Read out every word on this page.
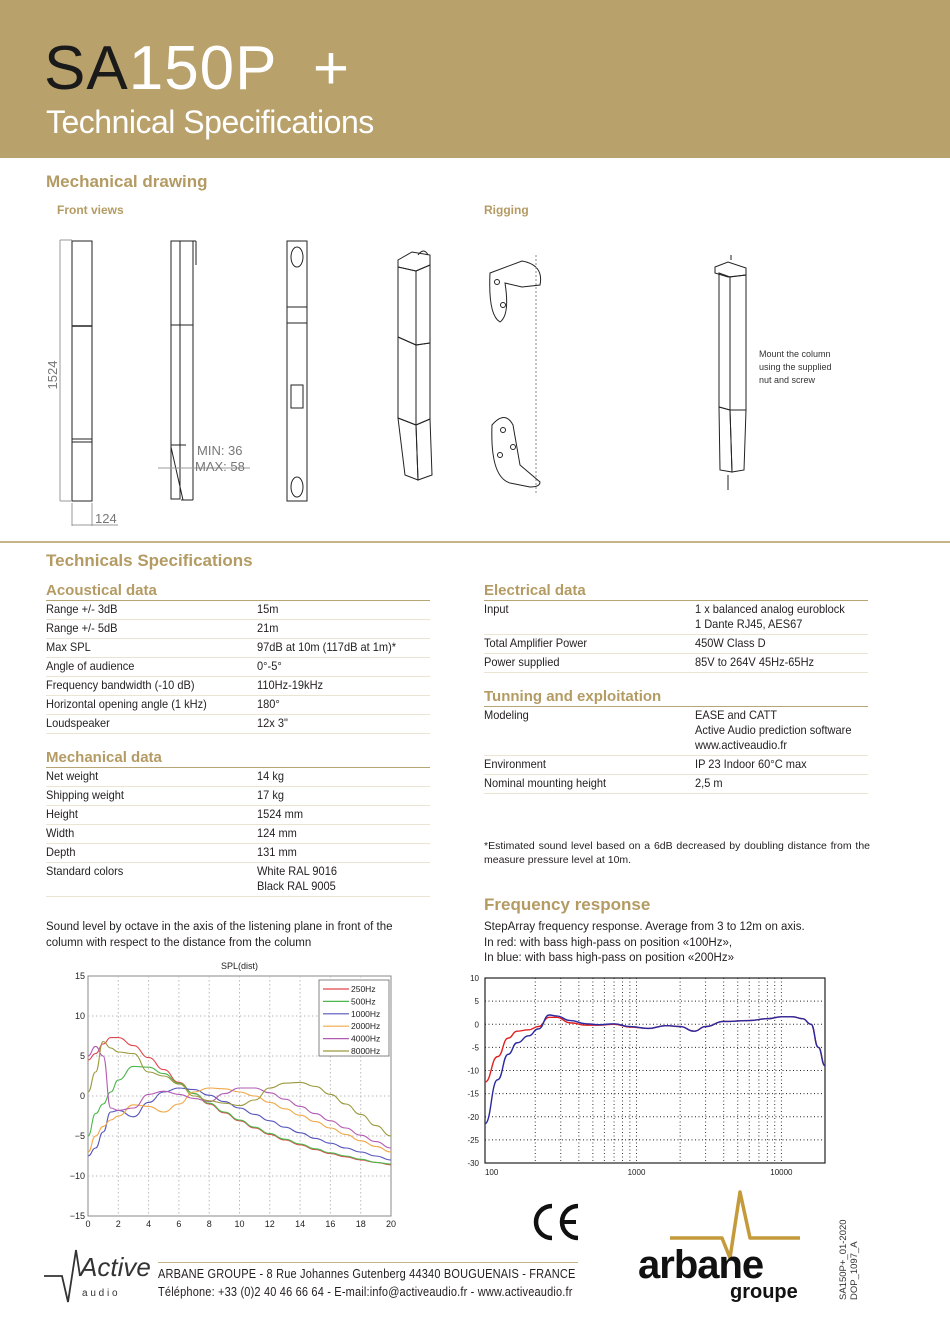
SA150P  +
Technical Specifications
Mechanical drawing
Front views	Rigging
1524
124
MIN: 36
MAX: 58
Mount the column
using the supplied
nut and screw
Technicals Specifications
Acoustical data

Range +/- 3dB	15m

Range +/- 5dB	21m

Max SPL	97dB at 10m (117dB at 1m)*

Angle of audience	0°-5°

Frequency bandwidth (-10 dB)	110Hz-19kHz

Horizontal opening angle (1 kHz)	180°

Loudspeaker	12x 3"
Mechanical data

Net weight	14 kg

Shipping weight	17 kg

Height	1524 mm

Width	124 mm

Depth	131 mm

Standard colors	White RAL 9016
Black RAL 9005
Electrical data

Input	1 x balanced analog euroblock
1 Dante RJ45, AES67

Total Amplifier Power	450W Class D

Power supplied	85V to 264V 45Hz-65Hz
Tunning and exploitation

Modeling	EASE and CATT
Active Audio prediction software
www.activeaudio.fr

Environment	IP 23 Indoor 60°C max

Nominal mounting height	2,5 m
*Estimated sound level based on a 6dB decreased by doubling distance from the measure pressure level at 10m.
Sound level by octave in the axis of the listening plane in front of the column with respect to the distance from the column
Frequency response
StepArray frequency response. Average from 3 to 12m on axis.
In red: with bass high-pass on position «100Hz»,
In blue: with bass high-pass on position «200Hz»
SPL(dist)
0	2	4	6	8	10 12 14 16 18 20
15
10
5
0
−5
−10
−15
250Hz
500Hz
1000Hz
2000Hz
4000Hz
8000Hz
10
5
0
-5
-10
-15
-20
-25
-30
100	1000	10000
Active
a u d i o
ARBANE GROUPE - 8 Rue Johannes Gutenberg 44340 BOUGUENAIS - FRANCE
Téléphone: +33 (0)2 40 46 66 64 - E-mail:info@activeaudio.fr - www.activeaudio.fr
arbane
groupe	SA150P+_01-2020 DOP_1097_A
